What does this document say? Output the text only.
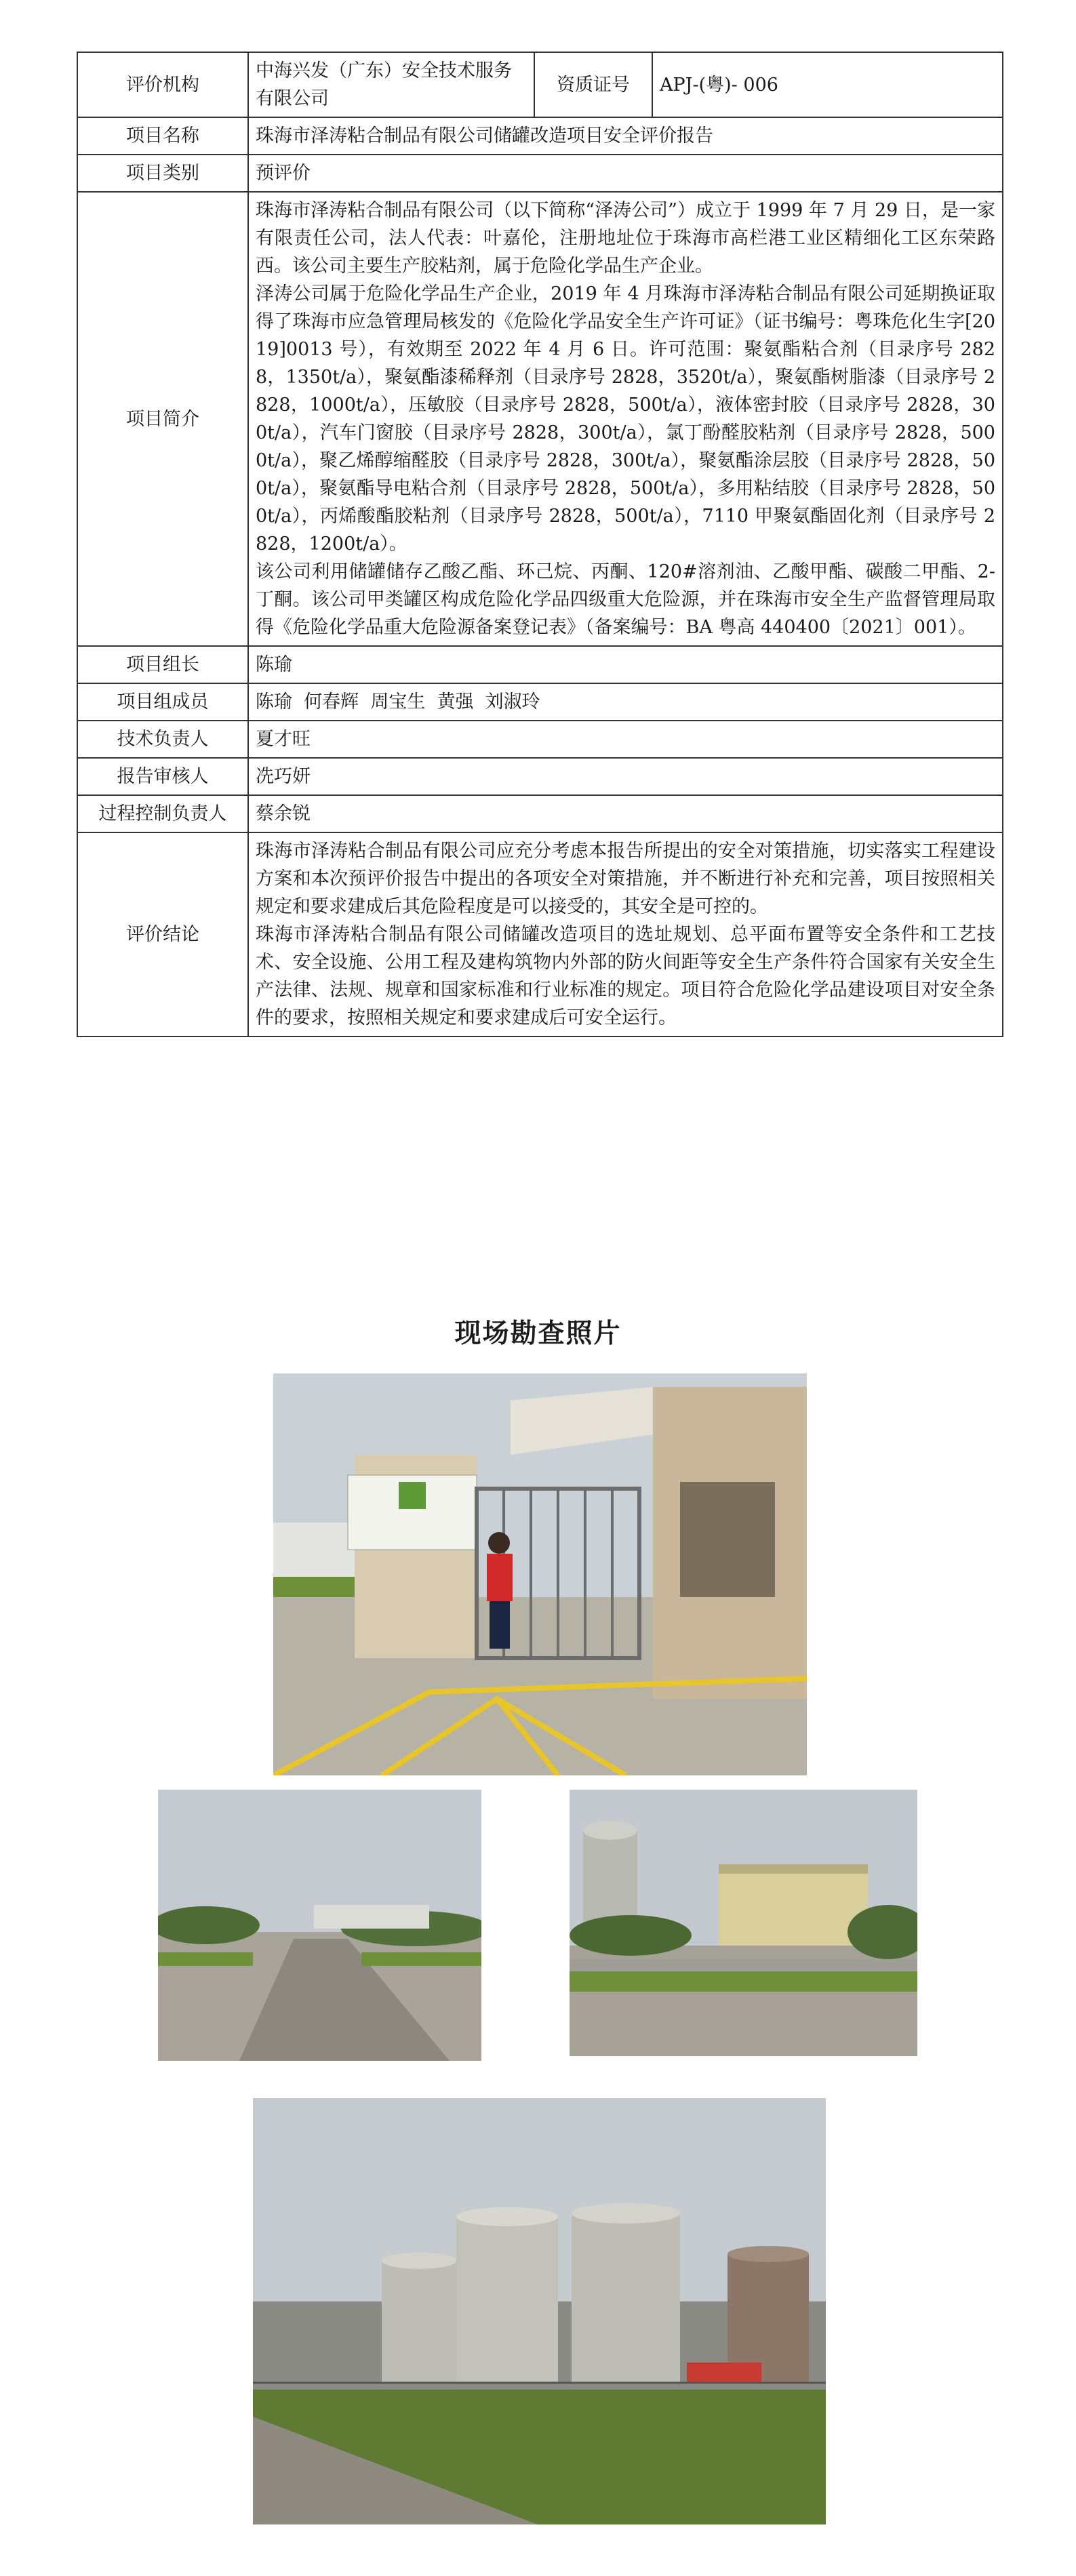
评价机构	中海兴发（广东）安全技术服务有限公司	资质证号	APJ-(粤)- 006
项目名称	珠海市泽涛粘合制品有限公司储罐改造项目安全评价报告		
项目类别	预评价		
项目简介	珠海市泽涛粘合制品有限公司（以下简称“泽涛公司”）成立于 1999 年 7 月 29 日，是一家有限责任公司，法人代表：叶嘉伦，注册地址位于珠海市高栏港工业区精细化工区东荣路西。该公司主要生产胶粘剂，属于危险化学品生产企业。

泽涛公司属于危险化学品生产企业，2019 年 4 月珠海市泽涛粘合制品有限公司延期换证取得了珠海市应急管理局核发的《危险化学品安全生产许可证》（证书编号：粤珠危化生字[2019]0013 号），有效期至 2022 年 4 月 6 日。许可范围：聚氨酯粘合剂（目录序号 2828，1350t/a），聚氨酯漆稀释剂（目录序号 2828，3520t/a），聚氨酯树脂漆（目录序号 2828，1000t/a），压敏胶（目录序号 2828，500t/a），液体密封胶（目录序号 2828，300t/a），汽车门窗胶（目录序号 2828，300t/a），氯丁酚醛胶粘剂（目录序号 2828，5000t/a），聚乙烯醇缩醛胶（目录序号 2828，300t/a），聚氨酯涂层胶（目录序号 2828，500t/a），聚氨酯导电粘合剂（目录序号 2828，500t/a），多用粘结胶（目录序号 2828，500t/a），丙烯酸酯胶粘剂（目录序号 2828，500t/a），7110 甲聚氨酯固化剂（目录序号 2828，1200t/a）。

该公司利用储罐储存乙酸乙酯、环己烷、丙酮、120#溶剂油、乙酸甲酯、碳酸二甲酯、2-丁酮。该公司甲类罐区构成危险化学品四级重大危险源，并在珠海市安全生产监督管理局取得《危险化学品重大危险源备案登记表》（备案编号：BA 粤高 440400〔2021〕001）。		

项目组长	陈瑜		
项目组成员	陈瑜  何春辉  周宝生  黄强  刘淑玲		
技术负责人	夏才旺		
报告审核人	冼巧妍		
过程控制负责人	蔡余锐		
评价结论	珠海市泽涛粘合制品有限公司应充分考虑本报告所提出的安全对策措施，切实落实工程建设方案和本次预评价报告中提出的各项安全对策措施，并不断进行补充和完善，项目按照相关规定和要求建成后其危险程度是可以接受的，其安全是可控的。

珠海市泽涛粘合制品有限公司储罐改造项目的选址规划、总平面布置等安全条件和工艺技术、安全设施、公用工程及建构筑物内外部的防火间距等安全生产条件符合国家有关安全生产法律、法规、规章和国家标准和行业标准的规定。项目符合危险化学品建设项目对安全条件的要求，按照相关规定和要求建成后可安全运行。		

现场勘查照片
